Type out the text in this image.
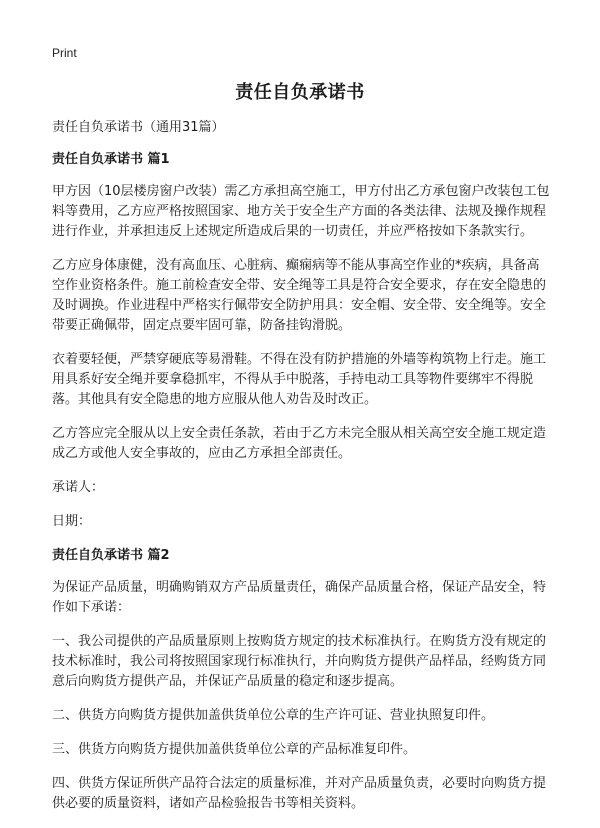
Print
责任自负承诺书

责任自负承诺书（通用31篇）

责任自负承诺书 篇1

甲方因（10层楼房窗户改装）需乙方承担高空施工，甲方付出乙方承包窗户改装包工包料等费用，乙方应严格按照国家、地方关于安全生产方面的各类法律、法规及操作规程进行作业，并承担违反上述规定所造成后果的一切责任，并应严格按如下条款实行。

乙方应身体康健，没有高血压、心脏病、癫痫病等不能从事高空作业的*疾病，具备高空作业资格条件。施工前检查安全带、安全绳等工具是符合安全要求，存在安全隐患的及时调换。作业进程中严格实行佩带安全防护用具：安全帽、安全带、安全绳等。安全带要正确佩带，固定点要牢固可靠，防备挂钩滑脱。

衣着要轻便，严禁穿硬底等易滑鞋。不得在没有防护措施的外墙等构筑物上行走。施工用具系好安全绳并要拿稳抓牢，不得从手中脱落，手持电动工具等物件要绑牢不得脱落。其他具有安全隐患的地方应服从他人劝告及时改正。

乙方答应完全服从以上安全责任条款，若由于乙方未完全服从相关高空安全施工规定造成乙方或他人安全事故的，应由乙方承担全部责任。

承诺人：

日期：

责任自负承诺书 篇2

为保证产品质量，明确购销双方产品质量责任，确保产品质量合格，保证产品安全，特作如下承诺：

一、我公司提供的产品质量原则上按购货方规定的技术标准执行。在购货方没有规定的技术标准时，我公司将按照国家现行标准执行，并向购货方提供产品样品，经购货方同意后向购货方提供产品，并保证产品质量的稳定和逐步提高。

二、供货方向购货方提供加盖供货单位公章的生产许可证、营业执照复印件。

三、供货方向购货方提供加盖供货单位公章的产品标准复印件。

四、供货方保证所供产品符合法定的质量标准，并对产品质量负责，必要时向购货方提供必要的质量资料，诸如产品检验报告书等相关资料。
